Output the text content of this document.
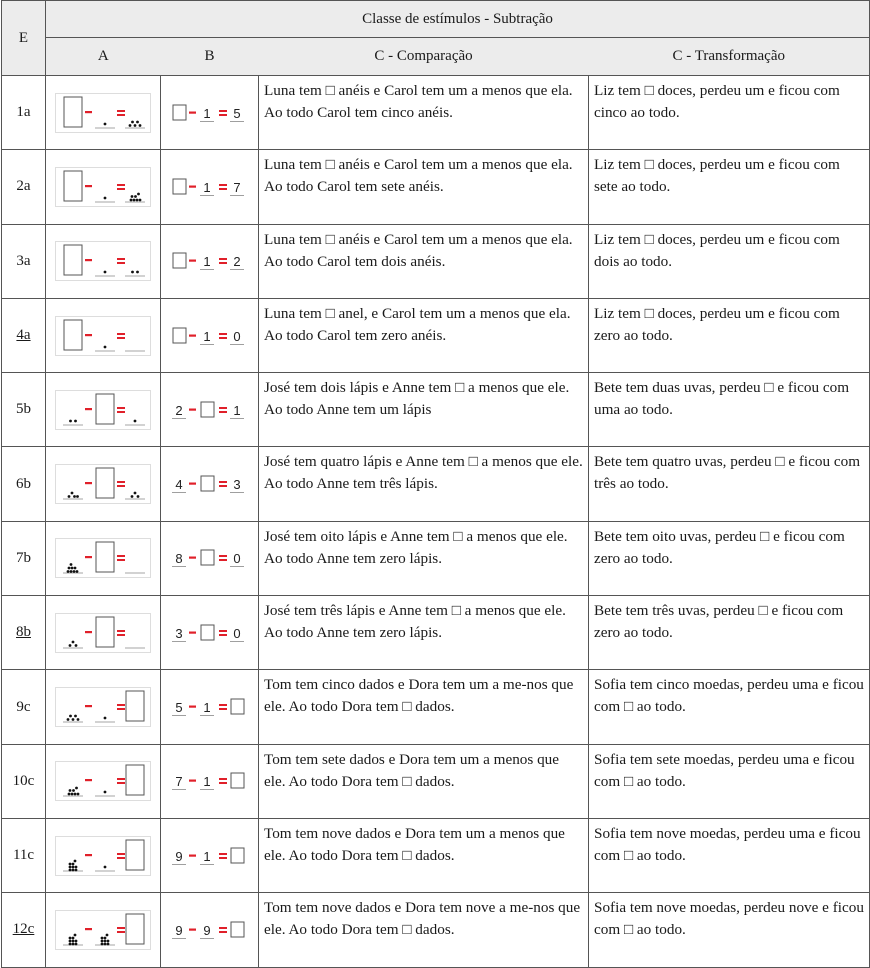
E	Classe de estímulos - Subtração			
	A	B	C - Comparação	C - Transformação
1a		1 5	Luna tem □ anéis e Carol tem um a menos que ela. Ao todo Carol tem cinco anéis.	Liz tem □ doces, perdeu um e ficou com cinco ao todo.
2a		1 7	Luna tem □ anéis e Carol tem um a menos que ela. Ao todo Carol tem sete anéis.	Liz tem □ doces, perdeu um e ficou com sete ao todo.
3a		1 2	Luna tem □ anéis e Carol tem um a menos que ela. Ao todo Carol tem dois anéis.	Liz tem □ doces, perdeu um e ficou com dois ao todo.
4a		1 0	Luna tem □ anel, e Carol tem um a menos que ela. Ao todo Carol tem zero anéis.	Liz tem □ doces, perdeu um e ficou com zero ao todo.
5b		2 1	José tem dois lápis e Anne tem □ a menos que ele. Ao todo Anne tem um lápis	Bete tem duas uvas, perdeu □ e ficou com uma ao todo.
6b		4 3	José tem quatro lápis e Anne tem □ a menos que ele. Ao todo Anne tem três lápis.	Bete tem quatro uvas, perdeu □ e ficou com três ao todo.
7b		8 0	José tem oito lápis e Anne tem □ a menos que ele. Ao todo Anne tem zero lápis.	Bete tem oito uvas, perdeu □ e ficou com zero ao todo.
8b		3 0	José tem três lápis e Anne tem □ a menos que ele. Ao todo Anne tem zero lápis.	Bete tem três uvas, perdeu □ e ficou com zero ao todo.
9c		5 1	Tom tem cinco dados e Dora tem um a me-nos que ele. Ao todo Dora tem □ dados.	Sofia tem cinco moedas, perdeu uma e ficou com □ ao todo.
10c		7 1	Tom tem sete dados e Dora tem um a menos que ele. Ao todo Dora tem □ dados.	Sofia tem sete moedas, perdeu uma e ficou com □ ao todo.
11c		9 1	Tom tem nove dados e Dora tem um a menos que ele. Ao todo Dora tem □ dados.	Sofia tem nove moedas, perdeu uma e ficou com □ ao todo.
12c		9 9	Tom tem nove dados e Dora tem nove a me-nos que ele. Ao todo Dora tem □ dados.	Sofia tem nove moedas, perdeu nove e ficou com □ ao todo.
